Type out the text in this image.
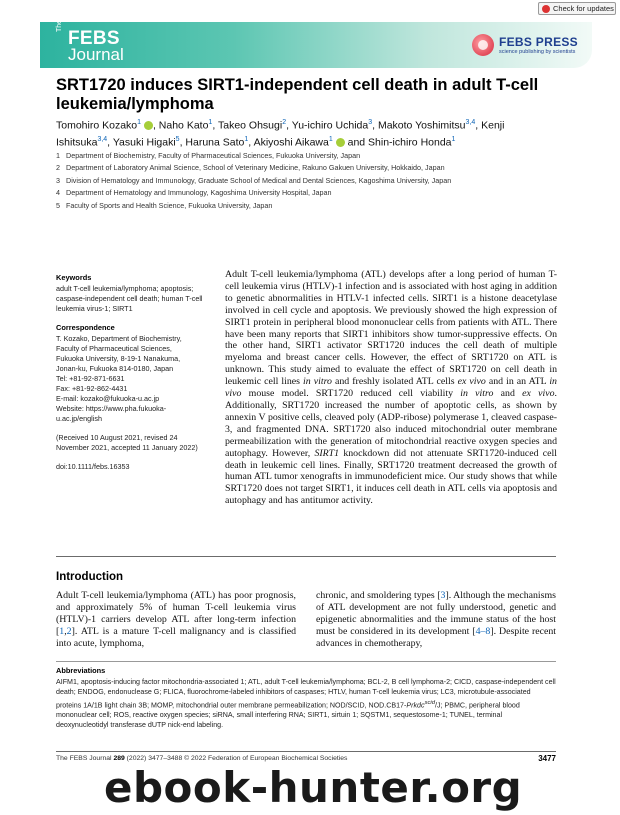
Check for updates
The
FEBS
Journal
FEBS PRESS
science publishing by scientists
SRT1720 induces SIRT1-independent cell death in adult T-cell leukemia/lymphoma
Tomohiro Kozako$^1$ , Naho Kato$^1$, Takeo Ohsugi$^2$, Yu-ichiro Uchida$^3$, Makoto Yoshimitsu$^{3,4}$, Kenji Ishitsuka$^{3,4}$, Yasuki Higaki$^5$, Haruna Sato$^1$, Akiyoshi Aikawa$^1$  and Shin-ichiro Honda$^1$
1 Department of Biochemistry, Faculty of Pharmaceutical Sciences, Fukuoka University, Japan
2 Department of Laboratory Animal Science, School of Veterinary Medicine, Rakuno Gakuen University, Hokkaido, Japan
3 Division of Hematology and Immunology, Graduate School of Medical and Dental Sciences, Kagoshima University, Japan
4 Department of Hematology and Immunology, Kagoshima University Hospital, Japan
5 Faculty of Sports and Health Science, Fukuoka University, Japan
Keywords
adult T-cell leukemia/lymphoma; apoptosis; caspase-independent cell death; human T-cell leukemia virus-1; SIRT1
Correspondence
T. Kozako, Department of Biochemistry,
Faculty of Pharmaceutical Sciences,
Fukuoka University, 8-19-1 Nanakuma,
Jonan-ku, Fukuoka 814-0180, Japan
Tel: +81-92-871-6631
Fax: +81-92-862-4431
E-mail: kozako@fukuoka-u.ac.jp
Website: https://www.pha.fukuoka-u.ac.jp/english
(Received 10 August 2021, revised 24 November 2021, accepted 11 January 2022)
doi:10.1111/febs.16353
Adult T-cell leukemia/lymphoma (ATL) develops after a long period of human T-cell leukemia virus (HTLV)-1 infection and is associated with host aging in addition to genetic abnormalities in HTLV-1 infected cells. SIRT1 is a histone deacetylase involved in cell cycle and apoptosis. We previously showed the high expression of SIRT1 protein in peripheral blood mononuclear cells from patients with ATL. There have been many reports that SIRT1 inhibitors show tumor-suppressive effects. On the other hand, SIRT1 activator SRT1720 induces the cell death of multiple myeloma and breast cancer cells. However, the effect of SRT1720 on ATL is unknown. This study aimed to evaluate the effect of SRT1720 on cell death in leukemic cell lines in vitro and freshly isolated ATL cells ex vivo and in an ATL in vivo mouse model. SRT1720 reduced cell viability in vitro and ex vivo. Additionally, SRT1720 increased the number of apoptotic cells, as shown by annexin V positive cells, cleaved poly (ADP-ribose) polymerase 1, cleaved caspase-3, and fragmented DNA. SRT1720 also induced mitochondrial outer membrane permeabilization with the generation of mitochondrial reactive oxygen species and autophagy. However, SIRT1 knockdown did not attenuate SRT1720-induced cell death in leukemic cell lines. Finally, SRT1720 treatment decreased the growth of human ATL tumor xenografts in immunodeficient mice. Our study shows that while SRT1720 does not target SIRT1, it induces cell death in ATL cells via apoptosis and autophagy and has antitumor activity.
Introduction
Adult T-cell leukemia/lymphoma (ATL) has poor prognosis, and approximately 5% of human T-cell leukemia virus (HTLV)-1 carriers develop ATL after long-term infection [1,2]. ATL is a mature T-cell malignancy and is classified into acute, lymphoma,
chronic, and smoldering types [3]. Although the mechanisms of ATL development are not fully understood, genetic and epigenetic abnormalities and the immune status of the host must be considered in its development [4–8]. Despite recent advances in chemotherapy,
Abbreviations
AIFM1, apoptosis-inducing factor mitochondria-associated 1; ATL, adult T-cell leukemia/lymphoma; BCL-2, B cell lymphoma-2; CICD, caspase-independent cell death; ENDOG, endonuclease G; FLICA, fluorochrome-labeled inhibitors of caspases; HTLV, human T-cell leukemia virus; LC3, microtubule-associated proteins 1A/1B light chain 3B; MOMP, mitochondrial outer membrane permeabilization; NOD/SCID, NOD.CB17-Prkdc$^{scid}$/J; PBMC, peripheral blood mononuclear cell; ROS, reactive oxygen species; siRNA, small interfering RNA; SIRT1, sirtuin 1; SQSTM1, sequestosome-1; TUNEL, terminal deoxynucleotidyl transferase dUTP nick-end labeling.
The FEBS Journal 289 (2022) 3477–3488 © 2022 Federation of European Biochemical Societies	3477
ebook-hunter.org
